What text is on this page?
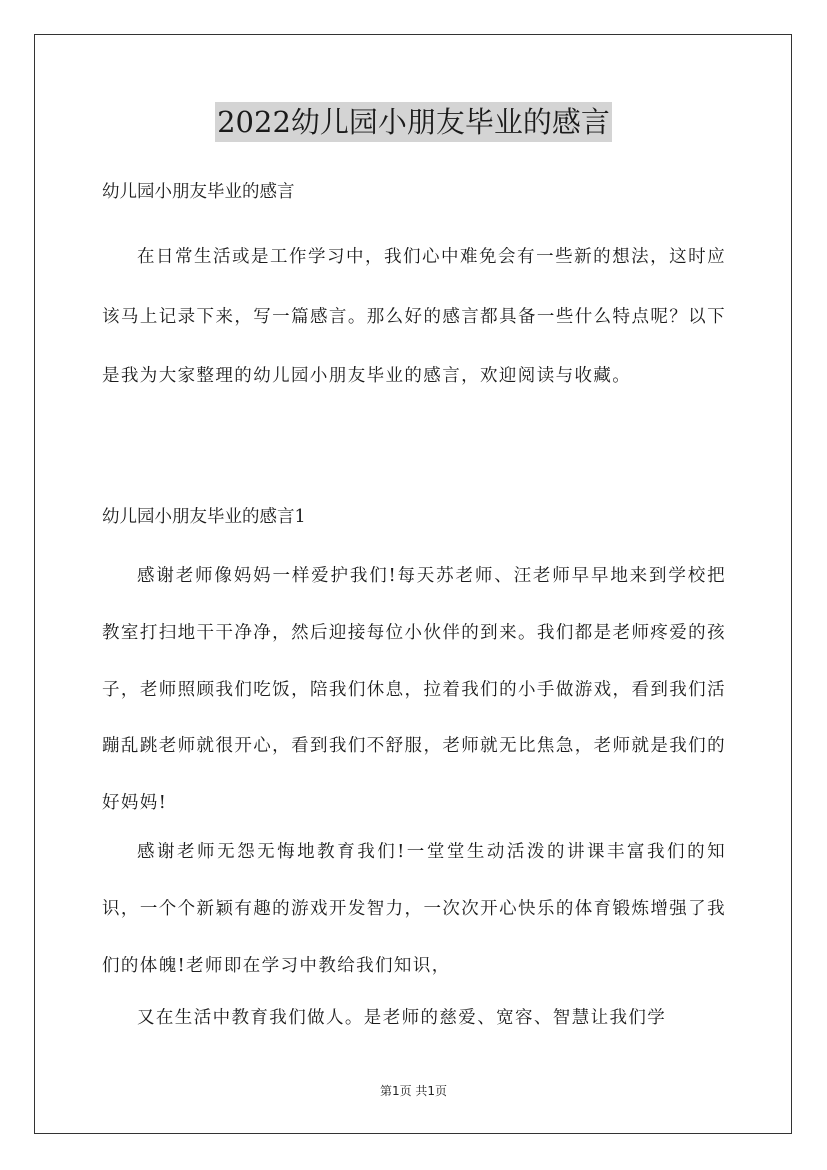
2022幼儿园小朋友毕业的感言

幼儿园小朋友毕业的感言

在日常生活或是工作学习中，我们心中难免会有一些新的想法，这时应该马上记录下来，写一篇感言。那么好的感言都具备一些什么特点呢？以下是我为大家整理的幼儿园小朋友毕业的感言，欢迎阅读与收藏。

幼儿园小朋友毕业的感言1

感谢老师像妈妈一样爱护我们!每天苏老师、汪老师早早地来到学校把教室打扫地干干净净，然后迎接每位小伙伴的到来。我们都是老师疼爱的孩子，老师照顾我们吃饭，陪我们休息，拉着我们的小手做游戏，看到我们活蹦乱跳老师就很开心，看到我们不舒服，老师就无比焦急，老师就是我们的好妈妈!

感谢老师无怨无悔地教育我们!一堂堂生动活泼的讲课丰富我们的知识，一个个新颖有趣的游戏开发智力，一次次开心快乐的体育锻炼增强了我们的体魄!老师即在学习中教给我们知识，

又在生活中教育我们做人。是老师的慈爱、宽容、智慧让我们学

第1页 共1页
